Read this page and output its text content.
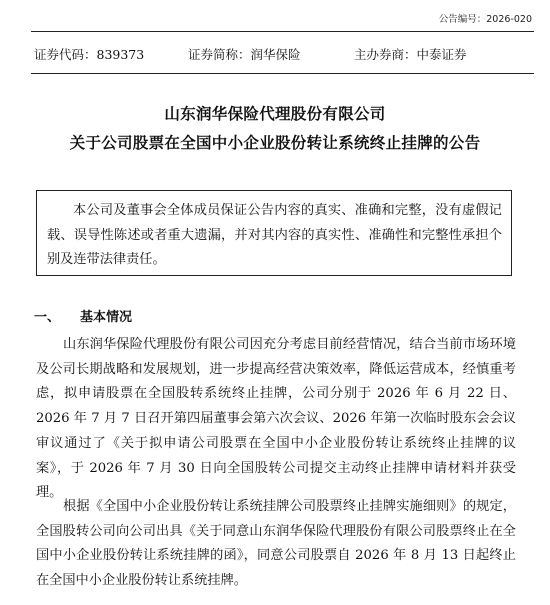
公告编号：2026-020
证券代码：839373	证券简称：润华保险	主办券商：中泰证券
山东润华保险代理股份有限公司
关于公司股票在全国中小企业股份转让系统终止挂牌的公告
本公司及董事会全体成员保证公告内容的真实、准确和完整，没有虚假记载、误导性陈述或者重大遗漏，并对其内容的真实性、准确性和完整性承担个别及连带法律责任。
一、 基本情况
山东润华保险代理股份有限公司因充分考虑目前经营情况，结合当前市场环境及公司长期战略和发展规划，进一步提高经营决策效率，降低运营成本，经慎重考虑，拟申请股票在全国股转系统终止挂牌，公司分别于 2026 年 6 月 22 日、2026 年 7 月 7 日召开第四届董事会第六次会议、2026 年第一次临时股东会会议审议通过了《关于拟申请公司股票在全国中小企业股份转让系统终止挂牌的议案》，于 2026 年 7 月 30 日向全国股转公司提交主动终止挂牌申请材料并获受理。
根据《全国中小企业股份转让系统挂牌公司股票终止挂牌实施细则》的规定，全国股转公司向公司出具《关于同意山东润华保险代理股份有限公司股票终止在全国中小企业股份转让系统挂牌的函》，同意公司股票自 2026 年 8 月 13 日起终止在全国中小企业股份转让系统挂牌。
